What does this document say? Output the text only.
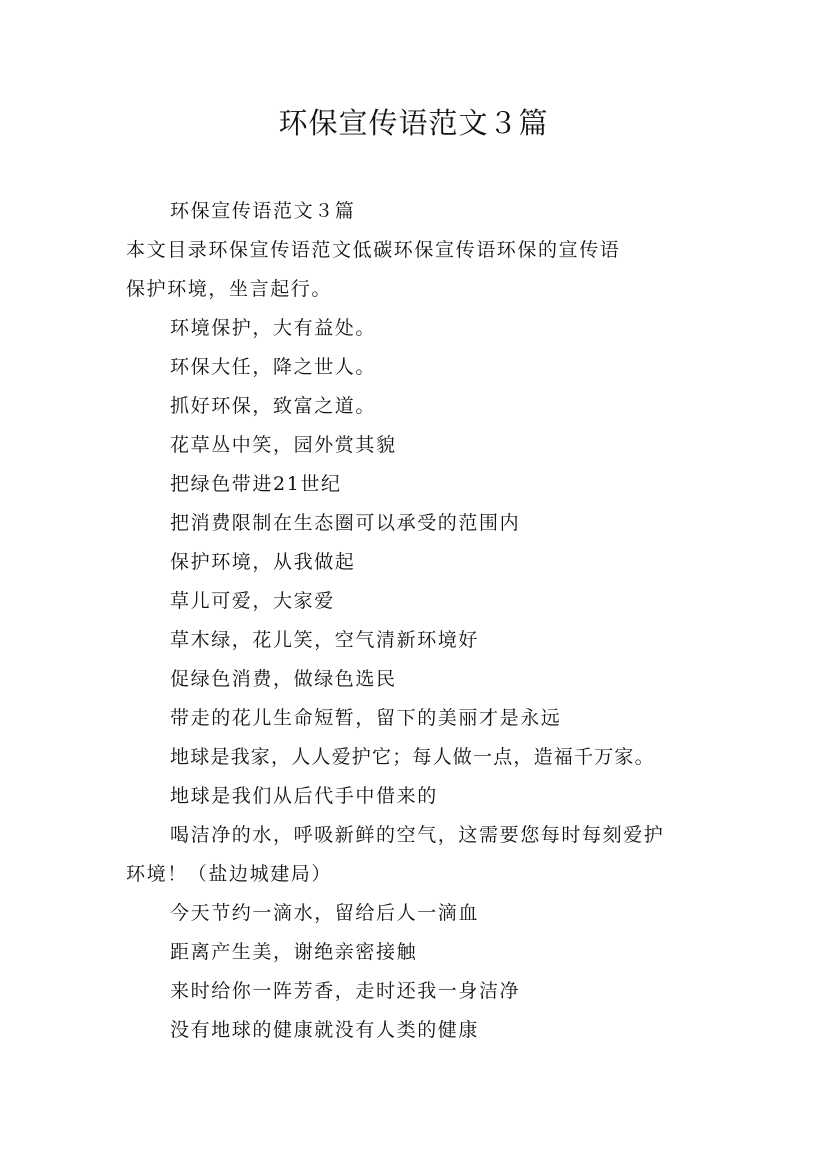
环保宣传语范文３篇

环保宣传语范文３篇

本文目录环保宣传语范文低碳环保宣传语环保的宣传语

保护环境，坐言起行。

环境保护，大有益处。

环保大任，降之世人。

抓好环保，致富之道。

花草丛中笑，园外赏其貌

把绿色带进21世纪

把消费限制在生态圈可以承受的范围内

保护环境，从我做起

草儿可爱，大家爱

草木绿，花儿笑，空气清新环境好

促绿色消费，做绿色选民

带走的花儿生命短暂，留下的美丽才是永远

地球是我家，人人爱护它；每人做一点，造福千万家。

地球是我们从后代手中借来的

喝洁净的水，呼吸新鲜的空气，这需要您每时每刻爱护

环境！（盐边城建局）

今天节约一滴水，留给后人一滴血

距离产生美，谢绝亲密接触

来时给你一阵芳香，走时还我一身洁净

没有地球的健康就没有人类的健康
